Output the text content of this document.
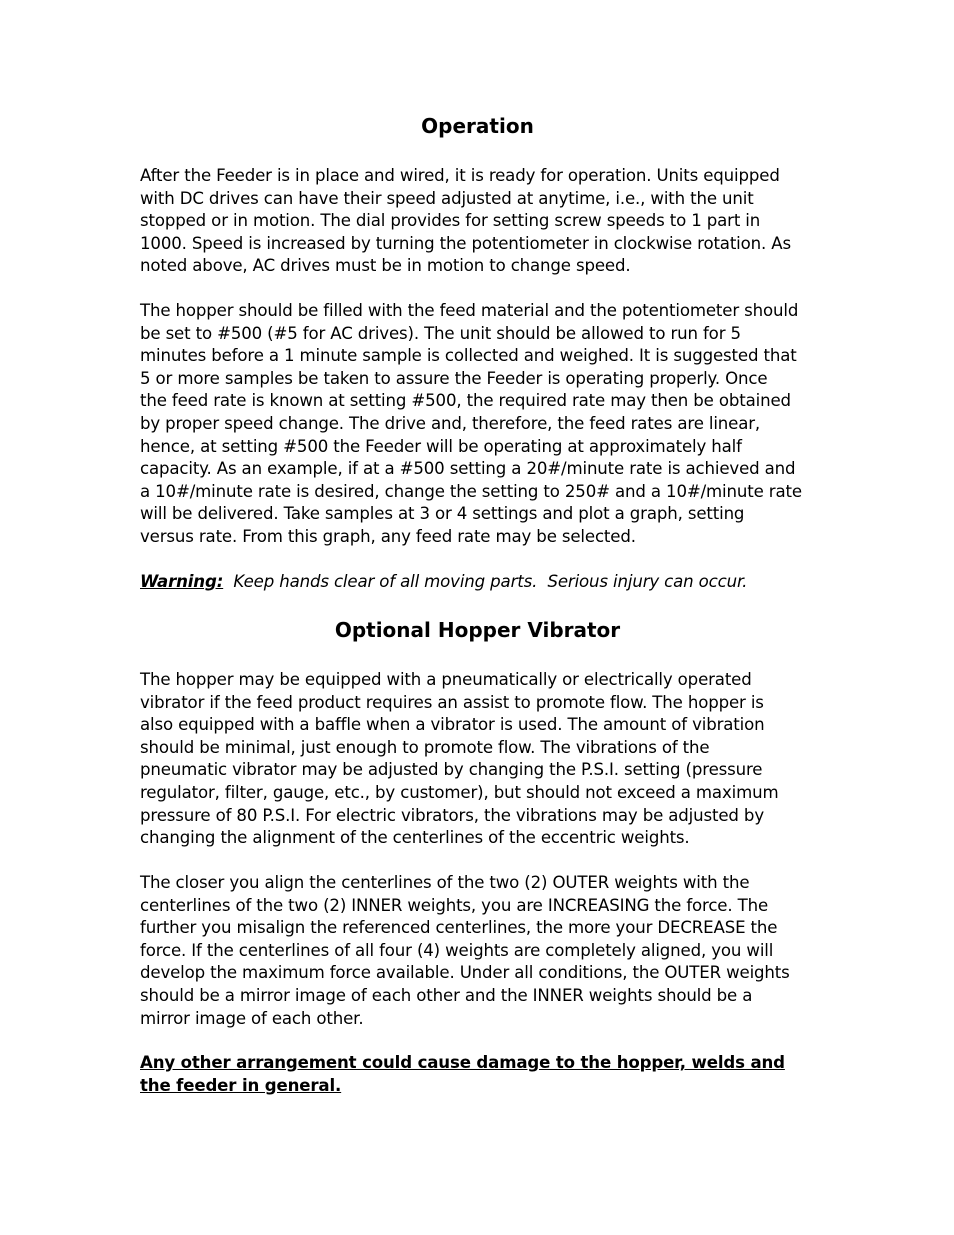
Operation

After the Feeder is in place and wired, it is ready for operation. Units equipped
with DC drives can have their speed adjusted at anytime, i.e., with the unit
stopped or in motion. The dial provides for setting screw speeds to 1 part in
1000. Speed is increased by turning the potentiometer in clockwise rotation. As
noted above, AC drives must be in motion to change speed.

The hopper should be filled with the feed material and the potentiometer should
be set to #500 (#5 for AC drives). The unit should be allowed to run for 5
minutes before a 1 minute sample is collected and weighed. It is suggested that
5 or more samples be taken to assure the Feeder is operating properly. Once
the feed rate is known at setting #500, the required rate may then be obtained
by proper speed change. The drive and, therefore, the feed rates are linear,
hence, at setting #500 the Feeder will be operating at approximately half
capacity. As an example, if at a #500 setting a 20#/minute rate is achieved and
a 10#/minute rate is desired, change the setting to 250# and a 10#/minute rate
will be delivered. Take samples at 3 or 4 settings and plot a graph, setting
versus rate. From this graph, any feed rate may be selected.

Warning:  Keep hands clear of all moving parts.  Serious injury can occur.

Optional Hopper Vibrator

The hopper may be equipped with a pneumatically or electrically operated
vibrator if the feed product requires an assist to promote flow. The hopper is
also equipped with a baffle when a vibrator is used. The amount of vibration
should be minimal, just enough to promote flow. The vibrations of the
pneumatic vibrator may be adjusted by changing the P.S.I. setting (pressure
regulator, filter, gauge, etc., by customer), but should not exceed a maximum
pressure of 80 P.S.I. For electric vibrators, the vibrations may be adjusted by
changing the alignment of the centerlines of the eccentric weights.

The closer you align the centerlines of the two (2) OUTER weights with the
centerlines of the two (2) INNER weights, you are INCREASING the force. The
further you misalign the referenced centerlines, the more your DECREASE the
force. If the centerlines of all four (4) weights are completely aligned, you will
develop the maximum force available. Under all conditions, the OUTER weights
should be a mirror image of each other and the INNER weights should be a
mirror image of each other.

Any other arrangement could cause damage to the hopper, welds and
the feeder in general.
